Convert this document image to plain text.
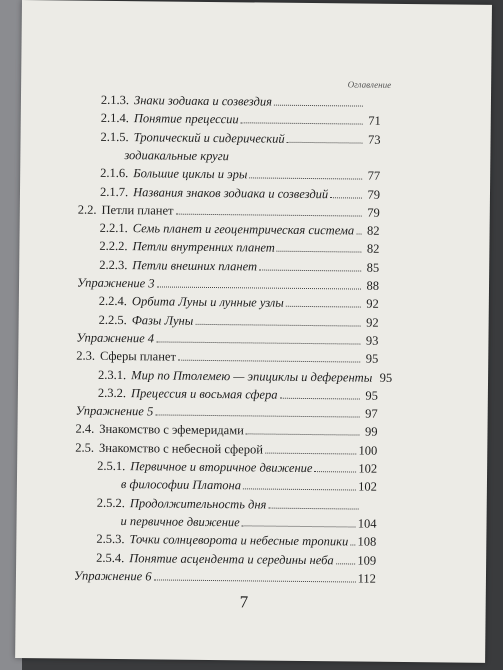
Оглавление
2.1.3. Знаки зодиака и созвездия
2.1.4. Понятие прецессии	71
2.1.5. Тропический и сидерический	73
зодиакальные круги
2.1.6. Большие циклы и эры	77
2.1.7. Названия знаков зодиака и созвездий	79
2.2. Петли планет	79
2.2.1. Семь планет и геоцентрическая система 82
2.2.2. Петли внутренних планет	82
2.2.3. Петли внешних планет	85
Упражнение 3	88
2.2.4. Орбита Луны и лунные узлы	92
2.2.5. Фазы Луны	92
Упражнение 4	93
2.3. Сферы планет	95
2.3.1. Мир по Птолемею — эпициклы и деференты 95
2.3.2. Прецессия и восьмая сфера	95
Упражнение 5	97
2.4. Знакомство с эфемеридами	99
2.5. Знакомство с небесной сферой	100
2.5.1. Первичное и вторичное движение	102
в философии Платона	102
2.5.2. Продолжительность дня
и первичное движение	104
2.5.3. Точки солнцеворота и небесные тропики 108
2.5.4. Понятие асцендента и середины неба 109
Упражнение 6	112
7
